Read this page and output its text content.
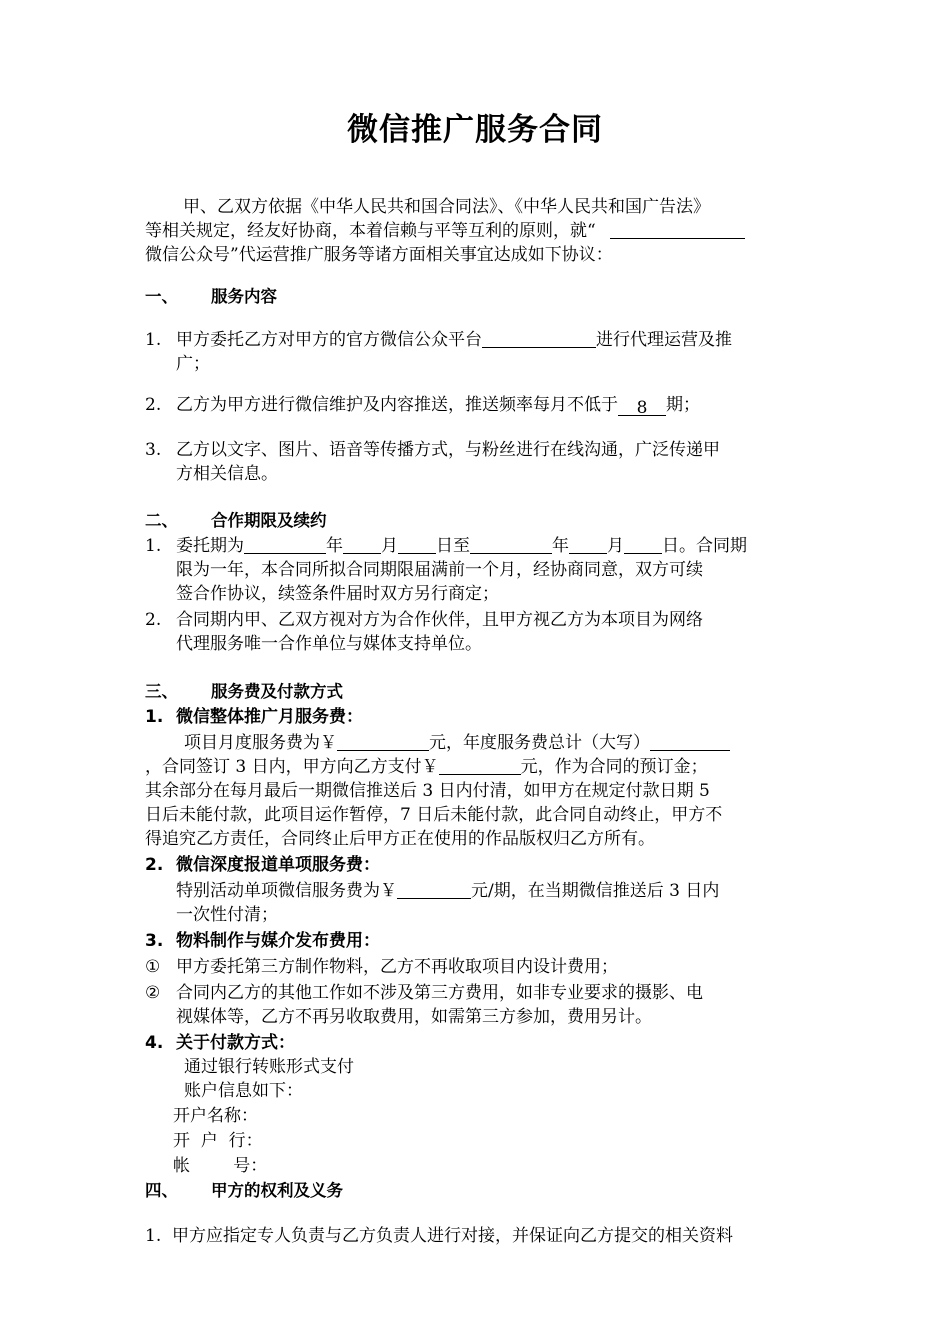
微信推广服务合同
甲、乙双方依据《中华人民共和国合同法》、《中华人民共和国广告法》
等相关规定，经友好协商，本着信赖与平等互利的原则，就“
微信公众号”代运营推广服务等诸方面相关事宜达成如下协议：
一、 服务内容
1. 甲方委托乙方对甲方的官方微信公众平台	进行代理运营及推
广；
2. 乙方为甲方进行微信维护及内容推送，推送频率每月不低于 8 期；
3. 乙方以文字、图片、语音等传播方式，与粉丝进行在线沟通，广泛传递甲
方相关信息。
二、 合作期限及续约
1. 委托期为	年 月 日至	年 月 日。合同期
限为一年，本合同所拟合同期限届满前一个月，经协商同意，双方可续
签合作协议，续签条件届时双方另行商定；
2. 合同期内甲、乙双方视对方为合作伙伴，且甲方视乙方为本项目为网络
代理服务唯一合作单位与媒体支持单位。
三、 服务费及付款方式
1. 微信整体推广月服务费：
项目月度服务费为￥	元，年度服务费总计（大写）
，合同签订 3 日内，甲方向乙方支付￥	元，作为合同的预订金；
其余部分在每月最后一期微信推送后 3 日内付清，如甲方在规定付款日期 5
日后未能付款，此项目运作暂停，7 日后未能付款，此合同自动终止，甲方不
得追究乙方责任，合同终止后甲方正在使用的作品版权归乙方所有。
2. 微信深度报道单项服务费：
特别活动单项微信服务费为￥	元/期，在当期微信推送后 3 日内
一次性付清；
3. 物料制作与媒介发布费用：
① 甲方委托第三方制作物料，乙方不再收取项目内设计费用；
② 合同内乙方的其他工作如不涉及第三方费用，如非专业要求的摄影、电
视媒体等，乙方不再另收取费用，如需第三方参加，费用另计。
4. 关于付款方式：
通过银行转账形式支付
账户信息如下：
开户名称：
开  户  行：
帐        号：
四、 甲方的权利及义务
1. 甲方应指定专人负责与乙方负责人进行对接，并保证向乙方提交的相关资料
